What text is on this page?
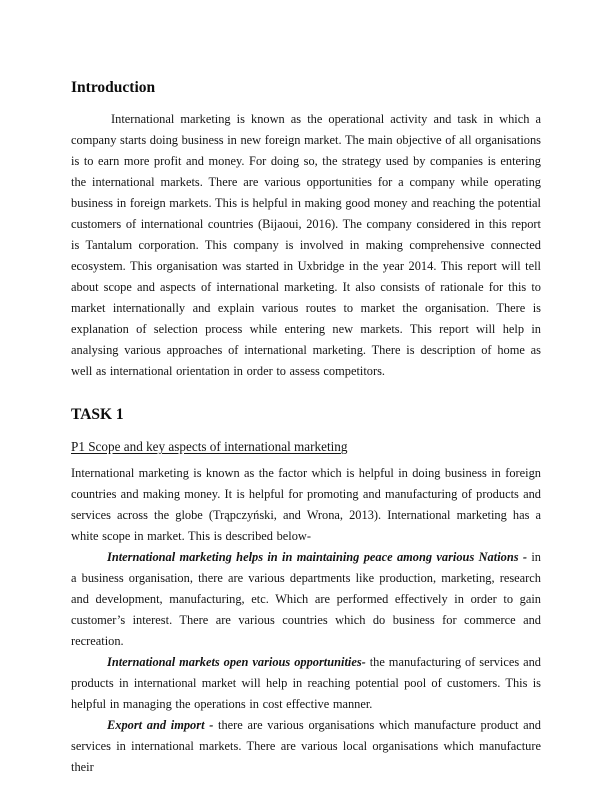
Introduction

International marketing is known as the operational activity and task in which a company starts doing business in new foreign market. The main objective of all organisations is to earn more profit and money. For doing so, the strategy used by companies is entering the international markets. There are various opportunities for a company while operating business in foreign markets. This is helpful in making good money and reaching the potential customers of international countries (Bijaoui, 2016). The company considered in this report is Tantalum corporation. This company is involved in making comprehensive connected ecosystem. This organisation was started in Uxbridge in the year 2014. This report will tell about scope and aspects of international marketing. It also consists of rationale for this to market internationally and explain various routes to market the organisation. There is explanation of selection process while entering new markets. This report will help in analysing various approaches of international marketing. There is description of home as well as international orientation in order to assess competitors.

TASK 1
P1 Scope and key aspects of international marketing

International marketing is known as the factor which is helpful in doing business in foreign countries and making money. It is helpful for promoting and manufacturing of products and services across the globe (Trąpczyński, and Wrona, 2013). International marketing has a white scope in market. This is described below-

International marketing helps in in maintaining peace among various Nations - in a business organisation, there are various departments like production, marketing, research and development, manufacturing, etc. Which are performed effectively in order to gain customer’s interest. There are various countries which do business for commerce and recreation.

International markets open various opportunities- the manufacturing of services and products in international market will help in reaching potential pool of customers. This is helpful in managing the operations in cost effective manner.

Export and import - there are various organisations which manufacture product and services in international markets. There are various local organisations which manufacture their
